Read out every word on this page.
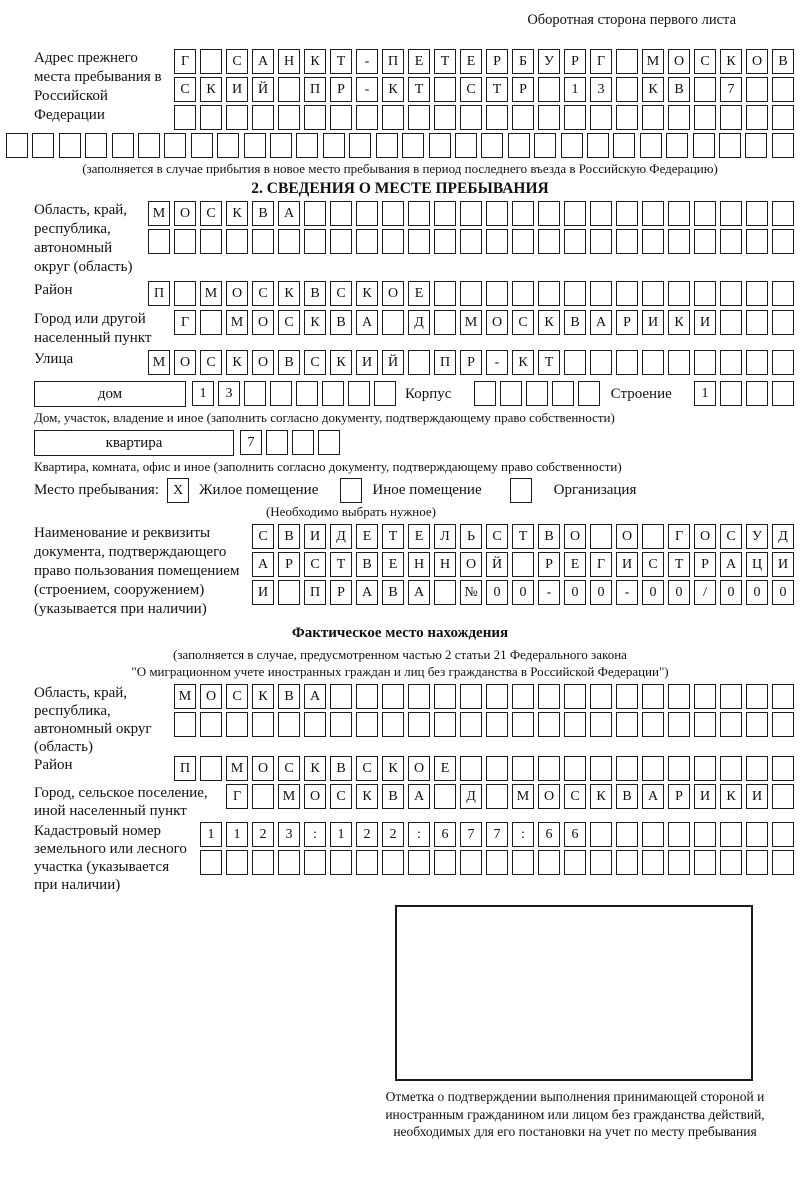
Оборотная сторона первого листа
Адрес прежнего места пребывания в Российской Федерации
Г	С	А	Н	К	Т	-	П	Е	Т	Е	Р	Б	У	Р	Г	М	О	С	К	О	В
С	К	И	Й	П	Р	-	К	Т	С	Т	Р	1	3	К	В	7
(заполняется в случае прибытия в новое место пребывания в период последнего въезда в Российскую Федерацию)
2. СВЕДЕНИЯ О МЕСТЕ ПРЕБЫВАНИЯ
Область, край, республика, автономный округ (область)
М	О	С	К	В	А
Район	П	М	О	С	К	В	С	К	О	Е
Город или другой населенный пункт
Г	М	О	С	К	В	А	Д	М	О	С	К	В	А	Р	И	К	И
Улица	М	О	С	К	О	В	С	К	И	Й	П	Р	-	К	Т
дом	1	3	Корпус	Строение	1
Дом, участок, владение и иное (заполнить согласно документу, подтверждающему право собственности)
квартира	7
Квартира, комната, офис и иное (заполнить согласно документу, подтверждающему право собственности)
Место пребывания: X	Жилое помещение	Иное помещение	Организация
(Необходимо выбрать нужное)
Наименование и реквизиты документа, подтверждающего право пользования помещением (строением, сооружением) (указывается при наличии)
С	В	И	Д	Е	Т	Е	Л	Ь	С	Т	В	О	О	Г	О	С	У	Д
А	Р	С	Т	В	Е	Н	Н	О	Й	Р	Е	Г	И	С	Т	Р	А	Ц	И
И	П	Р	А	В	А	№	0	0	-	0	0	-	0	0	/	0	0	0
Фактическое место нахождения
(заполняется в случае, предусмотренном частью 2 статьи 21 Федерального закона
"О миграционном учете иностранных граждан и лиц без гражданства в Российской Федерации")
Область, край, республика, автономный округ (область)
М	О	С	К	В	А
Район	П	М	О	С	К	В	С	К	О	Е
Город, сельское поселение, иной населенный пункт
Г	М	О	С	К	В	А	Д	М	О	С	К	В	А	Р	И	К	И
Кадастровый номер земельного или лесного участка (указывается при наличии)
1	1	2	3	:	1	2	2	:	6	7	7	:	6	6
Отметка о подтверждении выполнения принимающей стороной и иностранным гражданином или лицом без гражданства действий, необходимых для его постановки на учет по месту пребывания
